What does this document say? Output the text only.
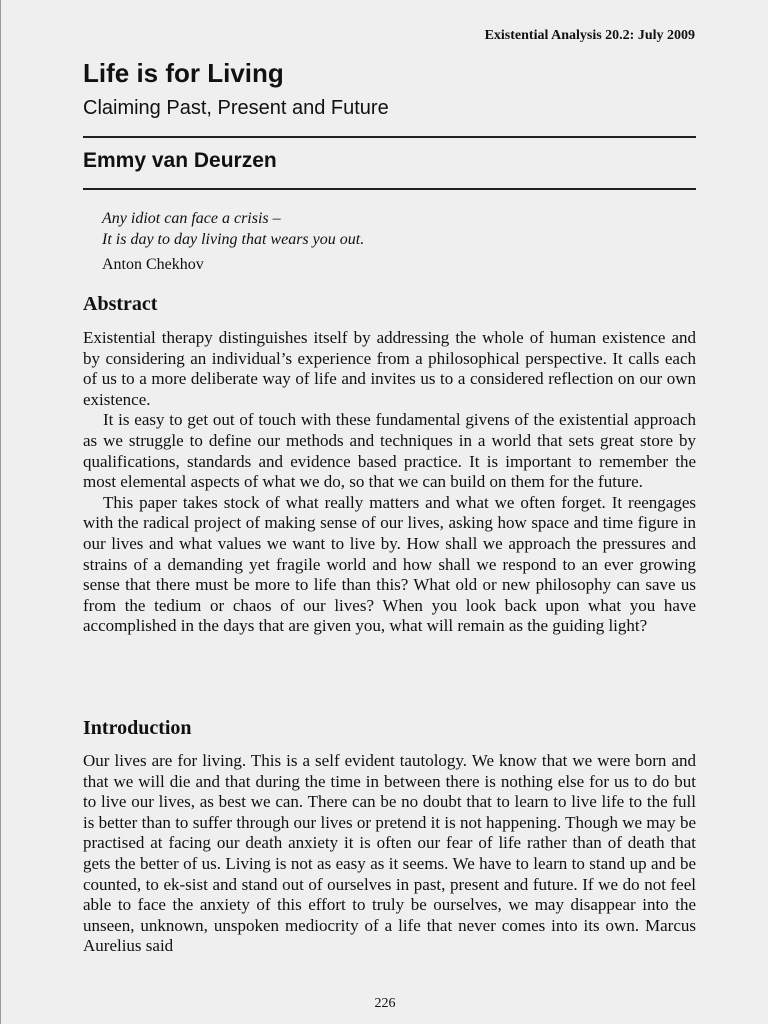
Existential Analysis 20.2: July 2009
Life is for Living
Claiming Past, Present and Future
Emmy van Deurzen
Any idiot can face a crisis –
It is day to day living that wears you out.
Anton Chekhov
Abstract

Existential therapy distinguishes itself by addressing the whole of human existence and by considering an individual’s experience from a philosophical perspective. It calls each of us to a more deliberate way of life and invites us to a considered reflection on our own existence.

It is easy to get out of touch with these fundamental givens of the existential approach as we struggle to define our methods and techniques in a world that sets great store by qualifications, standards and evidence based practice. It is important to remember the most elemental aspects of what we do, so that we can build on them for the future.

This paper takes stock of what really matters and what we often forget. It reengages with the radical project of making sense of our lives, asking how space and time figure in our lives and what values we want to live by. How shall we approach the pressures and strains of a demanding yet fragile world and how shall we respond to an ever growing sense that there must be more to life than this? What old or new philosophy can save us from the tedium or chaos of our lives? When you look back upon what you have accomplished in the days that are given you, what will remain as the guiding light?

Introduction

Our lives are for living. This is a self evident tautology. We know that we were born and that we will die and that during the time in between there is nothing else for us to do but to live our lives, as best we can. There can be no doubt that to learn to live life to the full is better than to suffer through our lives or pretend it is not happening. Though we may be practised at facing our death anxiety it is often our fear of life rather than of death that gets the better of us. Living is not as easy as it seems. We have to learn to stand up and be counted, to ek-sist and stand out of ourselves in past, present and future. If we do not feel able to face the anxiety of this effort to truly be ourselves, we may disappear into the unseen, unknown, unspoken mediocrity of a life that never comes into its own. Marcus Aurelius said

226
